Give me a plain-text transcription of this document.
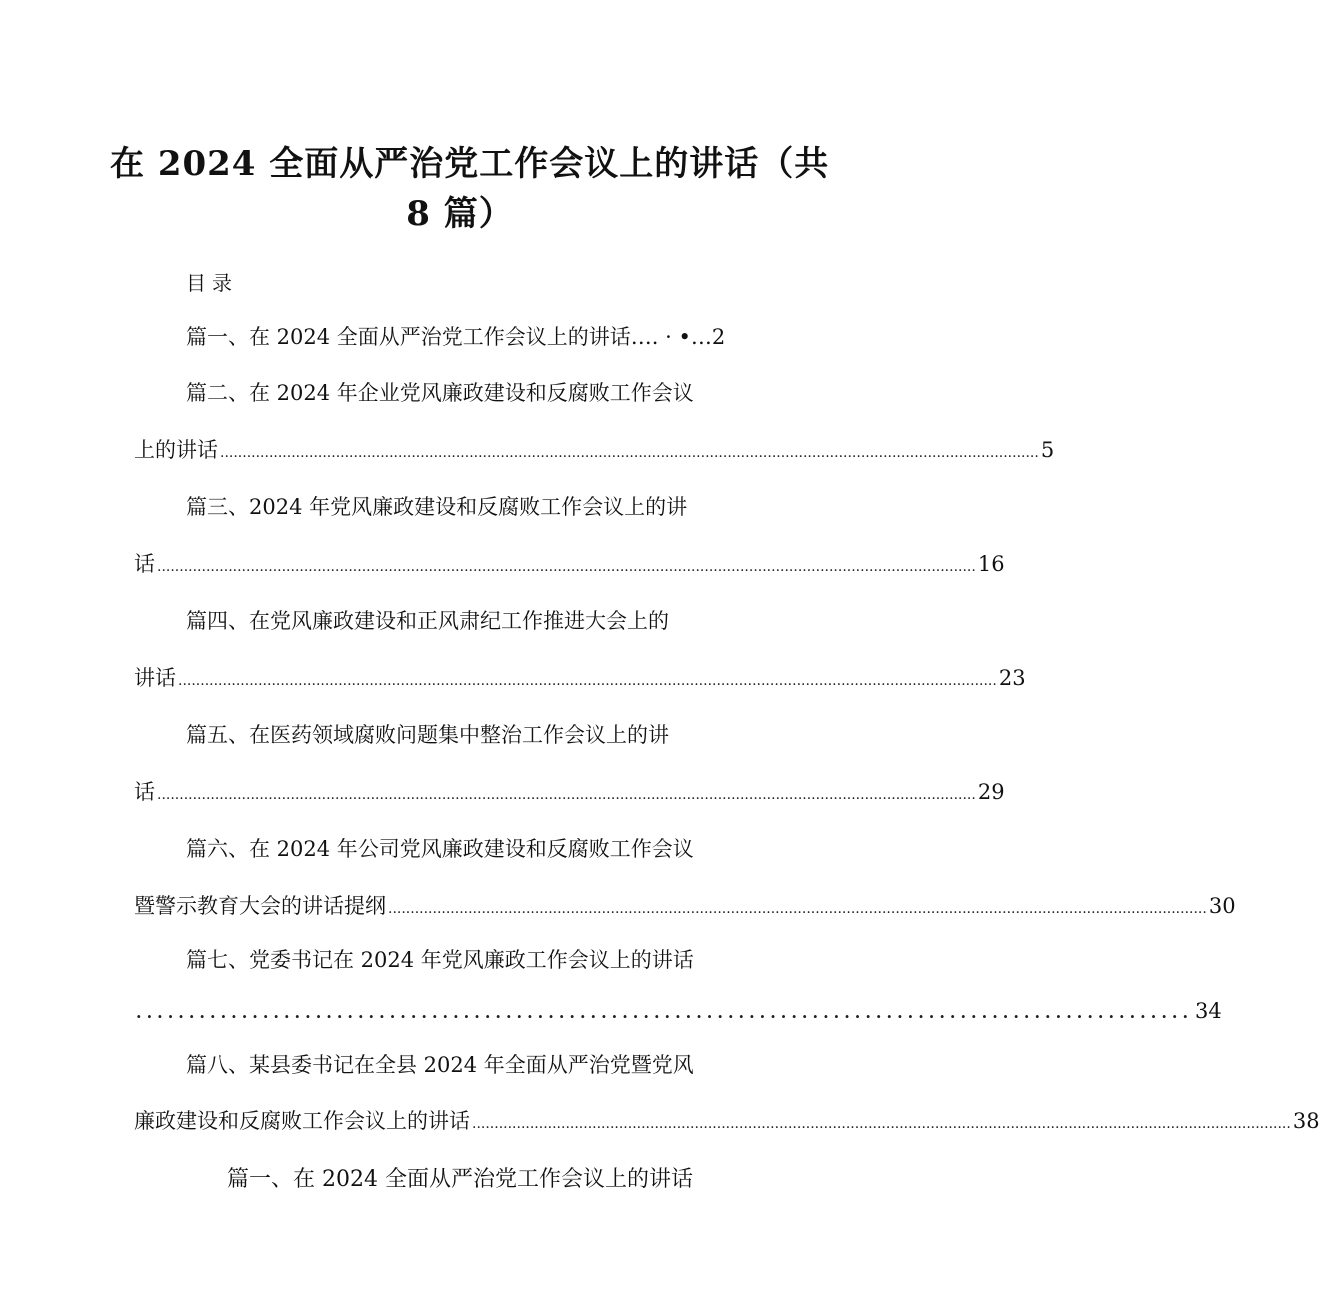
在 2024 全面从严治党工作会议上的讲话（共
8 篇）
目录
篇一、在 2024 全面从严治党工作会议上的讲话…. · •… 2
篇二、在 2024 年企业党风廉政建设和反腐败工作会议
上的讲话 ........................................................................................................................................................................................ 5
篇三、2024 年党风廉政建设和反腐败工作会议上的讲
话 ........................................................................................................................................................................................ 16
篇四、在党风廉政建设和正风肃纪工作推进大会上的
讲话 ........................................................................................................................................................................................ 23
篇五、在医药领域腐败问题集中整治工作会议上的讲
话 ........................................................................................................................................................................................ 29
篇六、在 2024 年公司党风廉政建设和反腐败工作会议
暨警示教育大会的讲话提纲 ........................................................................................................................................................................................ 30
篇七、党委书记在 2024 年党风廉政工作会议上的讲话
.................................................................................................... 34
篇八、某县委书记在全县 2024 年全面从严治党暨党风
廉政建设和反腐败工作会议上的讲话 ........................................................................................................................................................................................ 38
篇一、在 2024 全面从严治党工作会议上的讲话
